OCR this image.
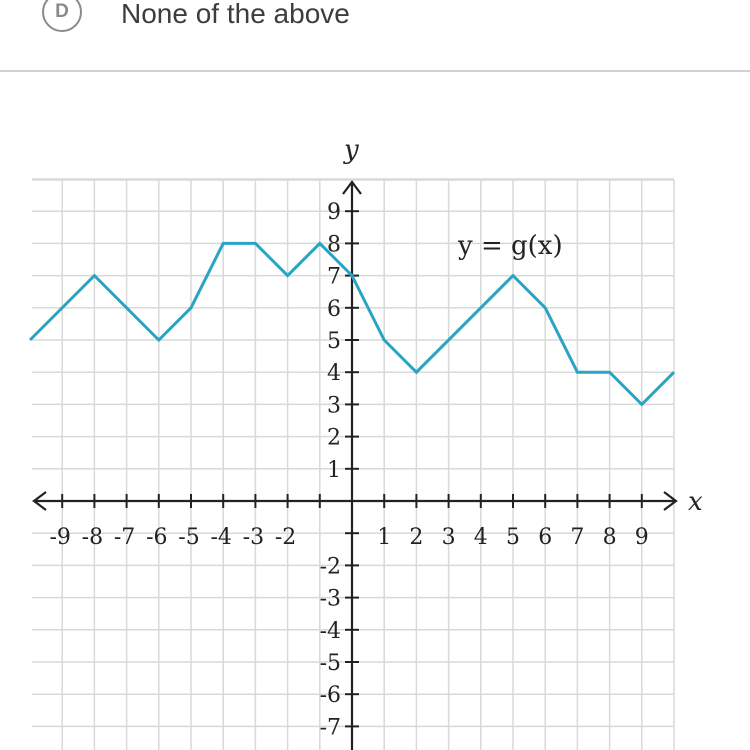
D	None of the above
-9 -8 -7 -6 -5 -4 -3 -2	1 2 3 4 5 6 7 8 9
9
8
7
6
5
4
3
2
1
-2
-3
-4
-5
-6
-7
x
y
y = g(x)
